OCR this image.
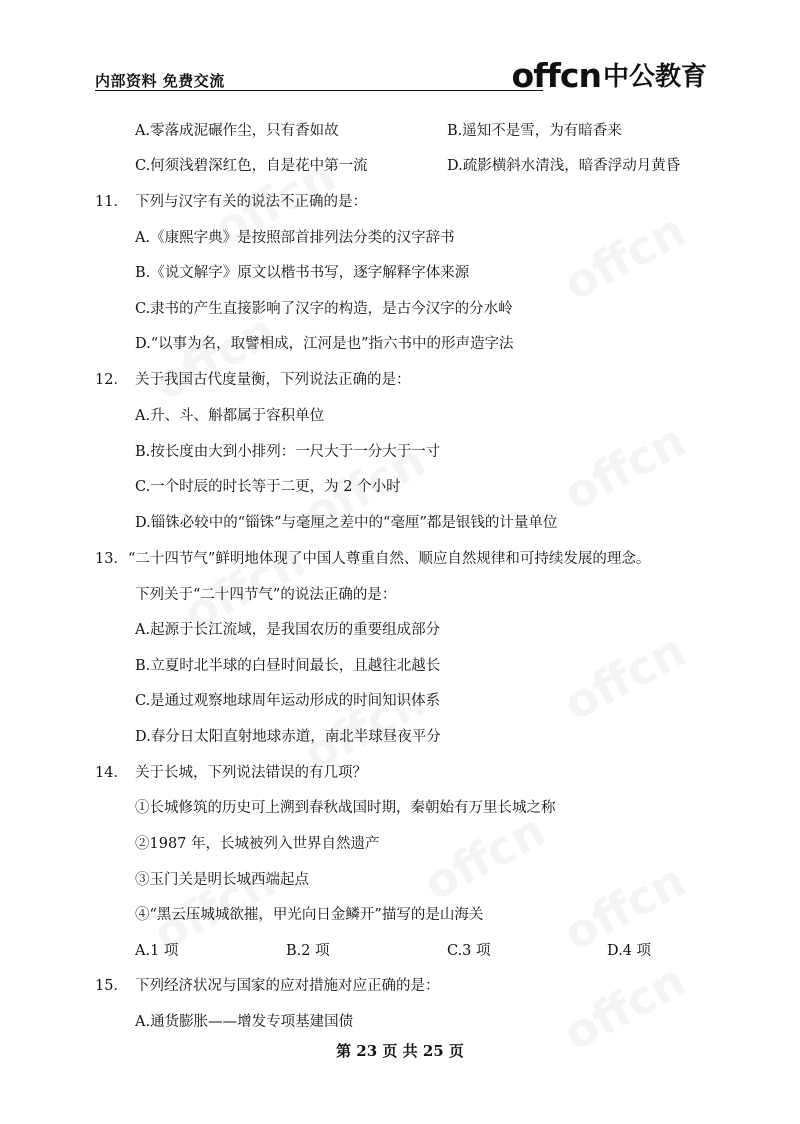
内部资料 免费交流	offcn 中公教育
A.零落成泥碾作尘，只有香如故	B.遥知不是雪，为有暗香来
C.何须浅碧深红色，自是花中第一流	D.疏影横斜水清浅，暗香浮动月黄昏
11． 下列与汉字有关的说法不正确的是：
A.《康熙字典》是按照部首排列法分类的汉字辞书
B.《说文解字》原文以楷书书写，逐字解释字体来源
C.隶书的产生直接影响了汉字的构造，是古今汉字的分水岭
D.“以事为名，取譬相成，江河是也”指六书中的形声造字法
12． 关于我国古代度量衡，下列说法正确的是：
A.升、斗、斛都属于容积单位
B.按长度由大到小排列：一尺大于一分大于一寸
C.一个时辰的时长等于二更，为 2 个小时
D.锱铢必较中的“锱铢”与毫厘之差中的“毫厘”都是银钱的计量单位
13． “二十四节气”鲜明地体现了中国人尊重自然、顺应自然规律和可持续发展的理念。
下列关于“二十四节气”的说法正确的是：
A.起源于长江流域，是我国农历的重要组成部分
B.立夏时北半球的白昼时间最长，且越往北越长
C.是通过观察地球周年运动形成的时间知识体系
D.春分日太阳直射地球赤道，南北半球昼夜平分
14． 关于长城，下列说法错误的有几项？
①长城修筑的历史可上溯到春秋战国时期，秦朝始有万里长城之称
②1987 年，长城被列入世界自然遗产
③玉门关是明长城西端起点
④“黑云压城城欲摧，甲光向日金鳞开”描写的是山海关
A.1 项	B.2 项	C.3 项	D.4 项
15． 下列经济状况与国家的应对措施对应正确的是：
A.通货膨胀——增发专项基建国债
第 23 页 共 25 页
